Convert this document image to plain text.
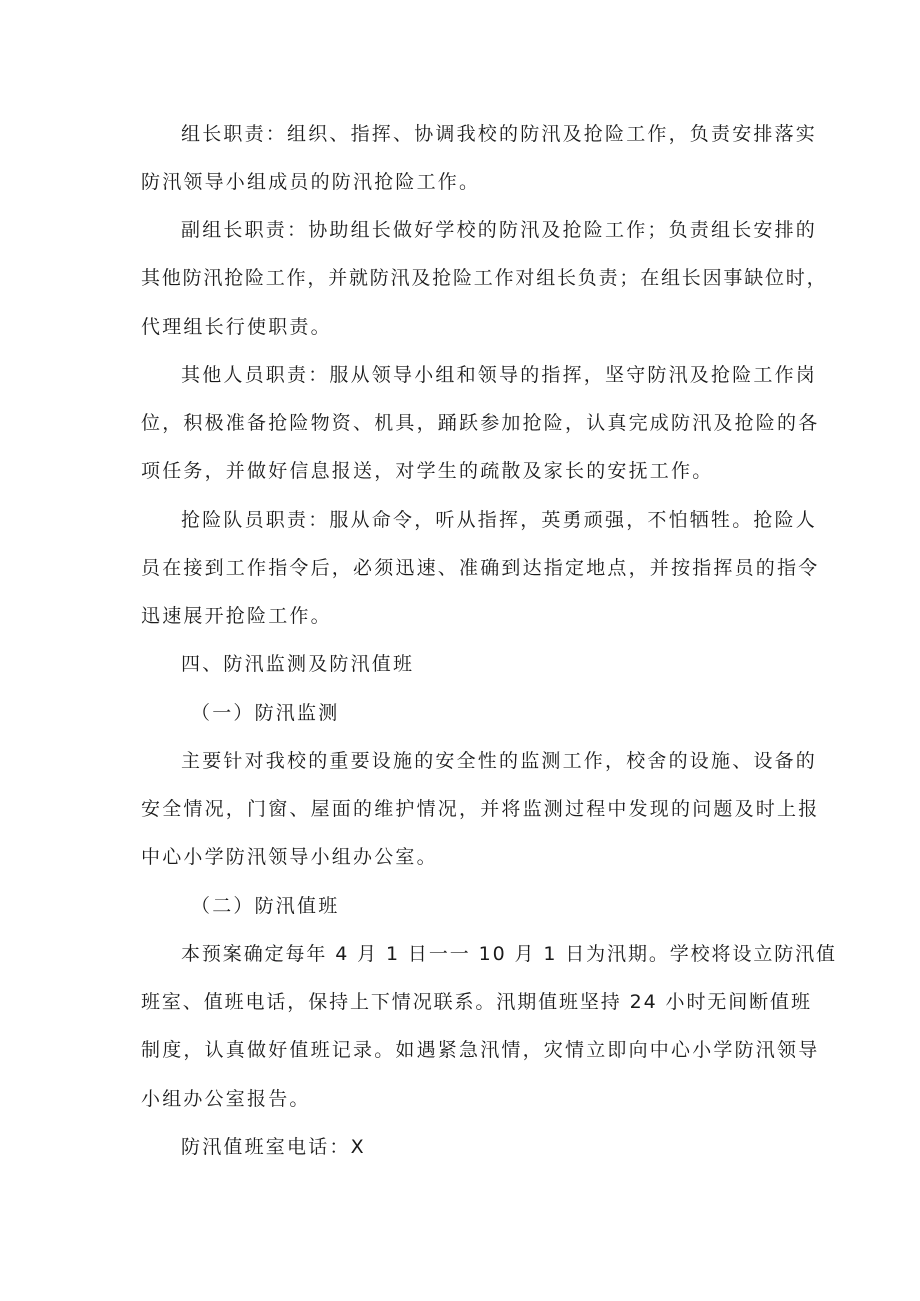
组长职责：组织、指挥、协调我校的防汛及抢险工作，负责安排落实
防汛领导小组成员的防汛抢险工作。
副组长职责：协助组长做好学校的防汛及抢险工作；负责组长安排的
其他防汛抢险工作，并就防汛及抢险工作对组长负责；在组长因事缺位时，
代理组长行使职责。
其他人员职责：服从领导小组和领导的指挥，坚守防汛及抢险工作岗
位，积极准备抢险物资、机具，踊跃参加抢险，认真完成防汛及抢险的各
项任务，并做好信息报送，对学生的疏散及家长的安抚工作。
抢险队员职责：服从命令，听从指挥，英勇顽强，不怕牺牲。抢险人
员在接到工作指令后，必须迅速、准确到达指定地点，并按指挥员的指令
迅速展开抢险工作。
四、防汛监测及防汛值班
（一）防汛监测
主要针对我校的重要设施的安全性的监测工作，校舍的设施、设备的
安全情况，门窗、屋面的维护情况，并将监测过程中发现的问题及时上报
中心小学防汛领导小组办公室。
（二）防汛值班
本预案确定每年 4 月 1 日一一 10 月 1 日为汛期。学校将设立防汛值
班室、值班电话，保持上下情况联系。汛期值班坚持 24 小时无间断值班
制度，认真做好值班记录。如遇紧急汛情，灾情立即向中心小学防汛领导
小组办公室报告。
防汛值班室电话：X
